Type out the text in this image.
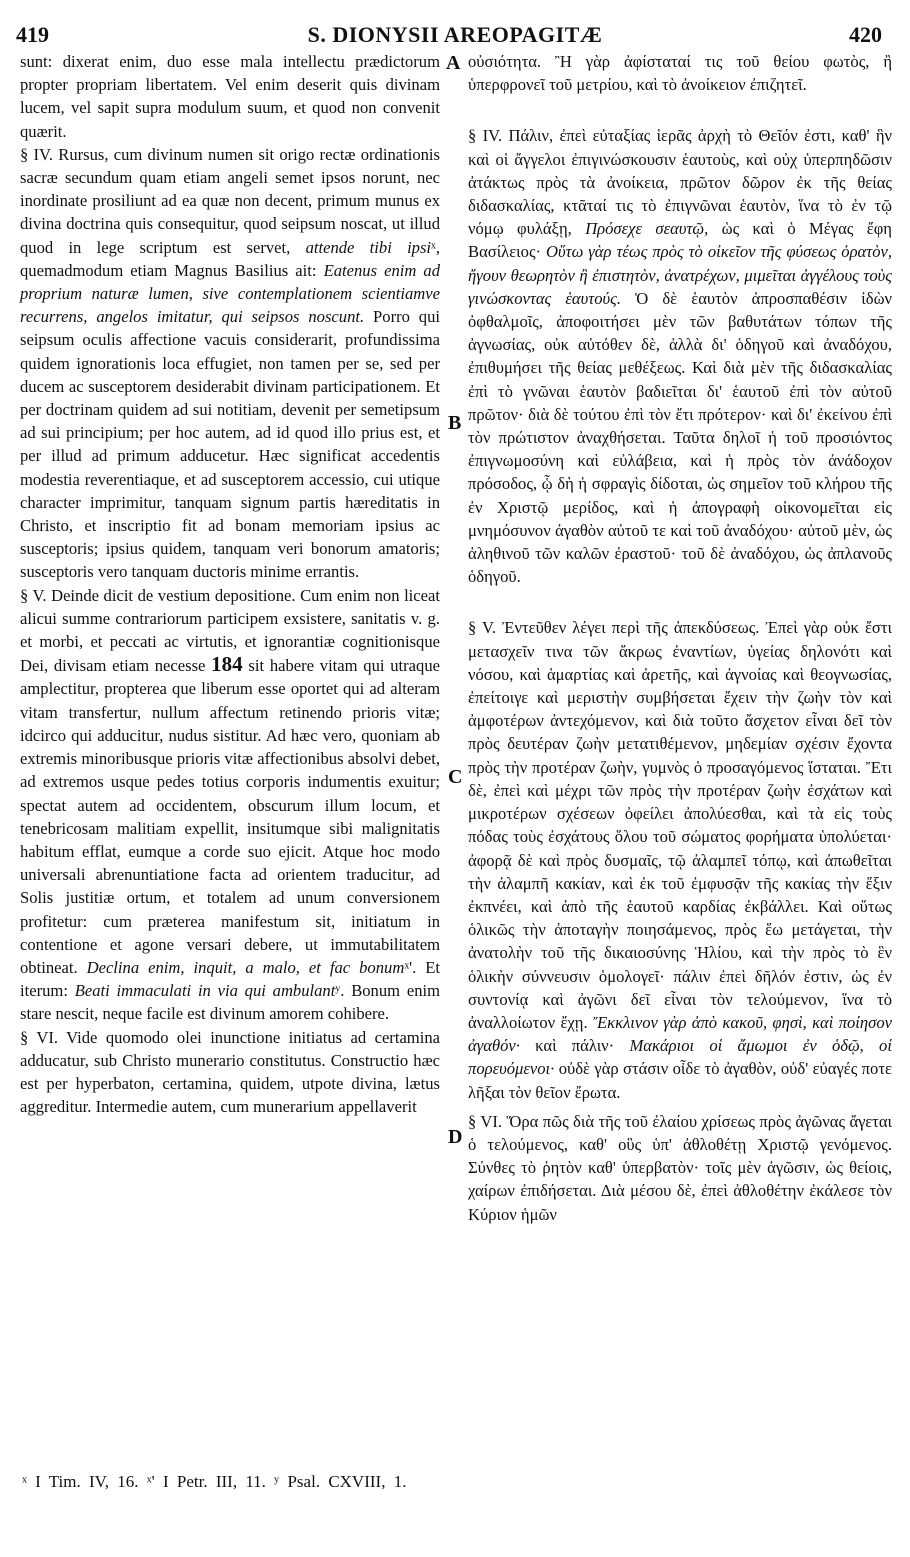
419	S. DIONYSII AREOPAGITÆ	420

sunt: dixerat enim, duo esse mala intellectu prædictorum propter propriam libertatem. Vel enim deserit quis divinam lucem, vel sapit supra modulum suum, et quod non convenit quærit.

§ IV. Rursus, cum divinum numen sit origo rectæ ordinationis sacræ secundum quam etiam angeli semet ipsos norunt, nec inordinate prosiliunt ad ea quæ non decent, primum munus ex divina doctrina quis consequitur, quod seipsum noscat, ut illud quod in lege scriptum est servet, attende tibi ipsiˣ, quemadmodum etiam Magnus Basilius ait: Eatenus enim ad proprium naturæ lumen, sive contemplationem scientiamve recurrens, angelos imitatur, qui seipsos noscunt. Porro qui seipsum oculis affectione vacuis considerarit, profundissima quidem ignorationis loca effugiet, non tamen per se, sed per ducem ac susceptorem desiderabit divinam participationem. Et per doctrinam quidem ad sui notitiam, devenit per semetipsum ad sui principium; per hoc autem, ad id quod illo prius est, et per illud ad primum adducetur. Hæc significat accedentis modestia reverentiaque, et ad susceptorem accessio, cui utique character imprimitur, tanquam signum partis hæreditatis in Christo, et inscriptio fit ad bonam memoriam ipsius ac susceptoris; ipsius quidem, tanquam veri bonorum amatoris; susceptoris vero tanquam ductoris minime errantis.

§ V. Deinde dicit de vestium depositione. Cum enim non liceat alicui summe contrariorum participem exsistere, sanitatis v. g. et morbi, et peccati ac virtutis, et ignorantiæ cognitionisque Dei, divisam etiam necesse 184 sit habere vitam qui utraque amplectitur, propterea que liberum esse oportet qui ad alteram vitam transfertur, nullum affectum retinendo prioris vitæ; idcirco qui adducitur, nudus sistitur. Ad hæc vero, quoniam ab extremis minoribusque prioris vitæ affectionibus absolvi debet, ad extremos usque pedes totius corporis indumentis exuitur; spectat autem ad occidentem, obscurum illum locum, et tenebricosam malitiam expellit, insitumque sibi malignitatis habitum efflat, eumque a corde suo ejicit. Atque hoc modo universali abrenuntiatione facta ad orientem traducitur, ad Solis justitiæ ortum, et totalem ad unum conversionem profitetur: cum præterea manifestum sit, initiatum in contentione et agone versari debere, ut immutabilitatem obtineat. Declina enim, inquit, a malo, et fac bonumˣ'. Et iterum: Beati immaculati in via qui ambulantʸ. Bonum enim stare nescit, neque facile est divinum amorem cohibere.

§ VI. Vide quomodo olei inunctione initiatus ad certamina adducatur, sub Christo munerario constitutus. Constructio hæc est per hyperbaton, certamina, quidem, utpote divina, lætus aggreditur. Intermedie autem, cum munerarium appellaverit

A
B
C
D

οὐσιότητα. Ἢ γὰρ ἀφίσταταί τις τοῦ θείου φωτὸς, ἢ ὑπερφρονεῖ τοῦ μετρίου, καὶ τὸ ἀνοίκειον ἐπιζητεῖ.

§ IV. Πάλιν, ἐπεὶ εὐταξίας ἱερᾶς ἀρχὴ τὸ Θεῖόν ἐστι, καθ' ἣν καὶ οἱ ἄγγελοι ἐπιγινώσκουσιν ἑαυτοὺς, καὶ οὐχ ὑπερπηδῶσιν ἀτάκτως πρὸς τὰ ἀνοίκεια, πρῶτον δῶρον ἐκ τῆς θείας διδασκαλίας, κτᾶταί τις τὸ ἐπιγνῶναι ἑαυτὸν, ἵνα τὸ ἐν τῷ νόμῳ φυλάξῃ, Πρόσεχε σεαυτῷ, ὡς καὶ ὁ Μέγας ἔφη Βασίλειος· Οὕτω γὰρ τέως πρὸς τὸ οἰκεῖον τῆς φύσεως ὁρατὸν, ἤγουν θεωρητὸν ἢ ἐπιστητὸν, ἀνατρέχων, μιμεῖται ἀγγέλους τοὺς γινώσκοντας ἑαυτούς. Ὁ δὲ ἑαυτὸν ἀπροσπαθέσιν ἰδὼν ὀφθαλμοῖς, ἀποφοιτήσει μὲν τῶν βαθυτάτων τόπων τῆς ἀγνωσίας, οὐκ αὐτόθεν δὲ, ἀλλὰ δι' ὁδηγοῦ καὶ ἀναδόχου, ἐπιθυμήσει τῆς θείας μεθέξεως. Καὶ διὰ μὲν τῆς διδασκαλίας ἐπὶ τὸ γνῶναι ἑαυτὸν βαδιεῖται δι' ἑαυτοῦ ἐπὶ τὸν αὐτοῦ πρῶτον· διὰ δὲ τούτου ἐπὶ τὸν ἔτι πρότερον· καὶ δι' ἐκείνου ἐπὶ τὸν πρώτιστον ἀναχθήσεται. Ταῦτα δηλοῖ ἡ τοῦ προσιόντος ἐπιγνωμοσύνη καὶ εὐλάβεια, καὶ ἡ πρὸς τὸν ἀνάδοχον πρόσοδος, ᾧ δὴ ἡ σφραγὶς δίδοται, ὡς σημεῖον τοῦ κλήρου τῆς ἐν Χριστῷ μερίδος, καὶ ἡ ἀπογραφὴ οἰκονομεῖται εἰς μνημόσυνον ἀγαθὸν αὐτοῦ τε καὶ τοῦ ἀναδόχου· αὐτοῦ μὲν, ὡς ἀληθινοῦ τῶν καλῶν ἐραστοῦ· τοῦ δὲ ἀναδόχου, ὡς ἀπλανοῦς ὁδηγοῦ.

§ V. Ἐντεῦθεν λέγει περὶ τῆς ἀπεκδύσεως. Ἐπεὶ γὰρ οὐκ ἔστι μετασχεῖν τινα τῶν ἄκρως ἐναντίων, ὑγείας δηλονότι καὶ νόσου, καὶ ἁμαρτίας καὶ ἀρετῆς, καὶ ἀγνοίας καὶ θεογνωσίας, ἐπείτοιγε καὶ μεριστὴν συμβήσεται ἔχειν τὴν ζωὴν τὸν καὶ ἀμφοτέρων ἀντεχόμενον, καὶ διὰ τοῦτο ἄσχετον εἶναι δεῖ τὸν πρὸς δευτέραν ζωὴν μετατιθέμενον, μηδεμίαν σχέσιν ἔχοντα πρὸς τὴν προτέραν ζωὴν, γυμνὸς ὁ προσαγόμενος ἵσταται. Ἔτι δὲ, ἐπεὶ καὶ μέχρι τῶν πρὸς τὴν προτέραν ζωὴν ἐσχάτων καὶ μικροτέρων σχέσεων ὀφείλει ἀπολύεσθαι, καὶ τὰ εἰς τοὺς πόδας τοὺς ἐσχάτους ὅλου τοῦ σώματος φορήματα ὑπολύεται· ἀφορᾷ δὲ καὶ πρὸς δυσμαῖς, τῷ ἀλαμπεῖ τόπῳ, καὶ ἀπωθεῖται τὴν ἀλαμπῆ κακίαν, καὶ ἐκ τοῦ ἐμφυσᾷν τῆς κακίας τὴν ἕξιν ἐκπνέει, καὶ ἀπὸ τῆς ἑαυτοῦ καρδίας ἐκβάλλει. Καὶ οὕτως ὁλικῶς τὴν ἀποταγὴν ποιησάμενος, πρὸς ἕω μετάγεται, τὴν ἀνατολὴν τοῦ τῆς δικαιοσύνης Ἡλίου, καὶ τὴν πρὸς τὸ ἓν ὁλικὴν σύννευσιν ὁμολογεῖ· πάλιν ἐπεὶ δῆλόν ἐστιν, ὡς ἐν συντονίᾳ καὶ ἀγῶνι δεῖ εἶναι τὸν τελούμενον, ἵνα τὸ ἀναλλοίωτον ἔχῃ. Ἔκκλινον γὰρ ἀπὸ κακοῦ, φησὶ, καὶ ποίησον ἀγαθόν· καὶ πάλιν· Μακάριοι οἱ ἄμωμοι ἐν ὁδῷ, οἱ πορευόμενοι· οὐδὲ γὰρ στάσιν οἶδε τὸ ἀγαθὸν, οὐδ' εὐαγές ποτε λῆξαι τὸν θεῖον ἔρωτα.

§ VI. Ὅρα πῶς διὰ τῆς τοῦ ἐλαίου χρίσεως πρὸς ἀγῶνας ἄγεται ὁ τελούμενος, καθ' οὓς ὑπ' ἀθλοθέτῃ Χριστῷ γενόμενος. Σύνθες τὸ ῥητὸν καθ' ὑπερβατὸν· τοῖς μὲν ἀγῶσιν, ὡς θείοις, χαίρων ἐπιδήσεται. Διὰ μέσου δὲ, ἐπεὶ ἀθλοθέτην ἐκάλεσε τὸν Κύριον ἡμῶν

ˣ I Tim. IV, 16. ˣ' I Petr. III, 11. ʸ Psal. CXVIII, 1.
